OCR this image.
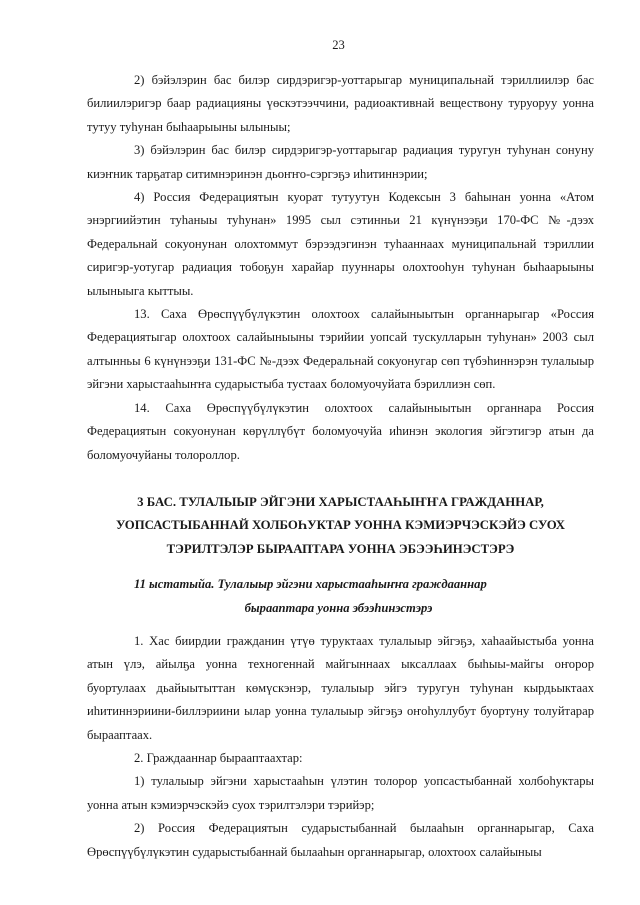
23

2) бэйэлэрин бас билэр сирдэригэр-уоттарыгар муниципальнай тэриллиилэр бас билиилэригэр баар радиацияны үөскэтээччини, радиоактивнай веществону туруоруу уонна тутуу туһунан быһаарыыны ылыныы;

3) бэйэлэрин бас билэр сирдэригэр-уоттарыгар радиация туругун туһунан сонуну киэҥник тарҕатар ситимнэринэн дьоҥҥо-сэргэҕэ иһитиннэрии;

4) Россия Федерациятын куорат тутуутун Кодексын 3 баһынан уонна «Атом энэргиийэтин туһаныы туһунан» 1995 сыл сэтинньи 21 күнүнээҕи 170-ФС №-дээх Федеральнай сокуонунан олохтоммут бэрээдэгинэн туһааннаах муниципальнай тэриллии сиригэр-уотугар радиация тобоҕун харайар пууннары олохтооһун туһунан быһаарыыны ылыныыга кыттыы.

13. Саха Өрөспүүбүлүкэтин олохтоох салайыныытын органнарыгар «Россия Федерациятыгар олохтоох салайыныыны тэрийии уопсай тускулларын туһунан» 2003 сыл алтынньы 6 күнүнээҕи 131-ФС №-дээх Федеральнай сокуонугар сөп түбэһиннэрэн тулалыыр эйгэни харыстааһыҥҥа сударыстыба тустаах боломуочуйата бэриллиэн сөп.

14. Саха Өрөспүүбүлүкэтин олохтоох салайыныытын органнара Россия Федерациятын сокуонунан көрүллүбүт боломуочуйа иһинэн экология эйгэтигэр атын да боломуочуйаны толороллор.

3 БАС. ТУЛАЛЫЫР ЭЙГЭНИ ХАРЫСТААҺЫҤҤА ГРАЖДАННАР,
УОПСАСТЫБАННАЙ ХОЛБОҺУКТАР УОННА КЭМИЭРЧЭСКЭЙЭ СУОХ
ТЭРИЛТЭЛЭР БЫРААПТАРА УОННА ЭБЭЭҺИНЭСТЭРЭ
11 ыстатыйа. Тулалыыр эйгэни харыстааһыҥҥа граждааннар
бырааптара уонна эбээһинэстэрэ

1. Хас биирдии гражданин үтүө туруктаах тулалыыр эйгэҕэ, хаһаайыстыба уонна атын үлэ, айылҕа уонна техногеннай майгыннаах ыксаллаах быһыы-майгы оҥорор буортулаах дьайыытыттан көмүскэнэр, тулалыыр эйгэ туругун туһунан кырдьыктаах иһитиннэриини-биллэриини ылар уонна тулалыыр эйгэҕэ оҥоһуллубут буортуну толуйтарар бырааптаах.

2. Граждааннар бырааптаахтар:

1) тулалыыр эйгэни харыстааһын үлэтин толорор уопсастыбаннай холбоһуктары уонна атын кэмиэрчэскэйэ суох тэрилтэлэри тэрийэр;

2) Россия Федерациятын сударыстыбаннай былааһын органнарыгар, Саха Өрөспүүбүлүкэтин сударыстыбаннай былааһын органнарыгар, олохтоох салайыныы
